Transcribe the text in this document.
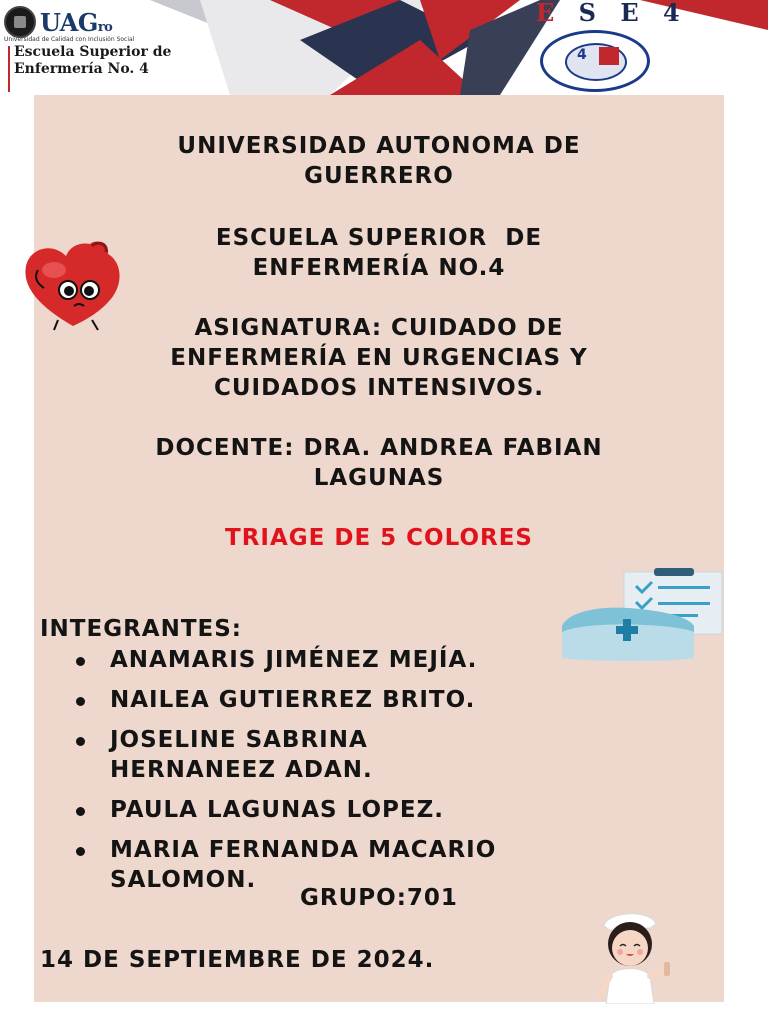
UAGro
Universidad de Calidad con Inclusión Social
Escuela Superior de
Enfermería No. 4
E S E 4
4
UNIVERSIDAD AUTONOMA DE
GUERRERO
ESCUELA SUPERIOR  DE
ENFERMERÍA NO.4
ASIGNATURA: CUIDADO DE
ENFERMERÍA EN URGENCIAS Y
CUIDADOS INTENSIVOS.
DOCENTE: DRA. ANDREA FABIAN
LAGUNAS
TRIAGE DE 5 COLORES
INTEGRANTES:
ANAMARIS JIMÉNEZ MEJÍA.
NAILEA GUTIERREZ BRITO.
JOSELINE SABRINA
HERNANEEZ ADAN.
PAULA LAGUNAS LOPEZ.
MARIA FERNANDA MACARIO
SALOMON.
GRUPO:701
14 DE SEPTIEMBRE DE 2024.
